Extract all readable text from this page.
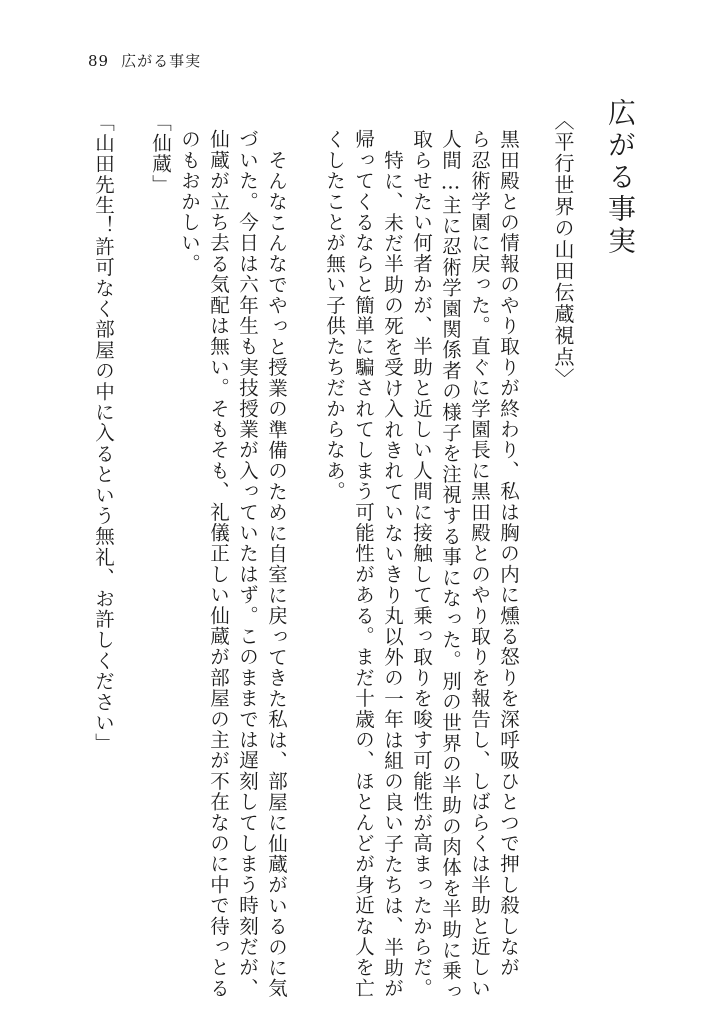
89 広がる事実
広がる事実
〈平行世界の山田伝蔵視点〉
黒田殿との情報のやり取りが終わり、私は胸の内に燻る怒りを深呼吸ひとつで押し殺しなが
ら忍術学園に戻った。直ぐに学園長に黒田殿とのやり取りを報告し、しばらくは半助と近しい
人間…主に忍術学園関係者の様子を注視する事になった。別の世界の半助の肉体を半助に乗っ
取らせたい何者かが、半助と近しい人間に接触して乗っ取りを唆す可能性が高まったからだ。
特に、未だ半助の死を受け入れきれていないきり丸以外の一年は組の良い子たちは、半助が
帰ってくるならと簡単に騙されてしまう可能性がある。まだ十歳の、ほとんどが身近な人を亡
くしたことが無い子供たちだからなあ。
そんなこんなでやっと授業の準備のために自室に戻ってきた私は、部屋に仙蔵がいるのに気
づいた。今日は六年生も実技授業が入っていたはず。このままでは遅刻してしまう時刻だが、
仙蔵が立ち去る気配は無い。そもそも、礼儀正しい仙蔵が部屋の主が不在なのに中で待っとる
のもおかしい。
「仙蔵」
「山田先生！許可なく部屋の中に入るという無礼、お許しください」
